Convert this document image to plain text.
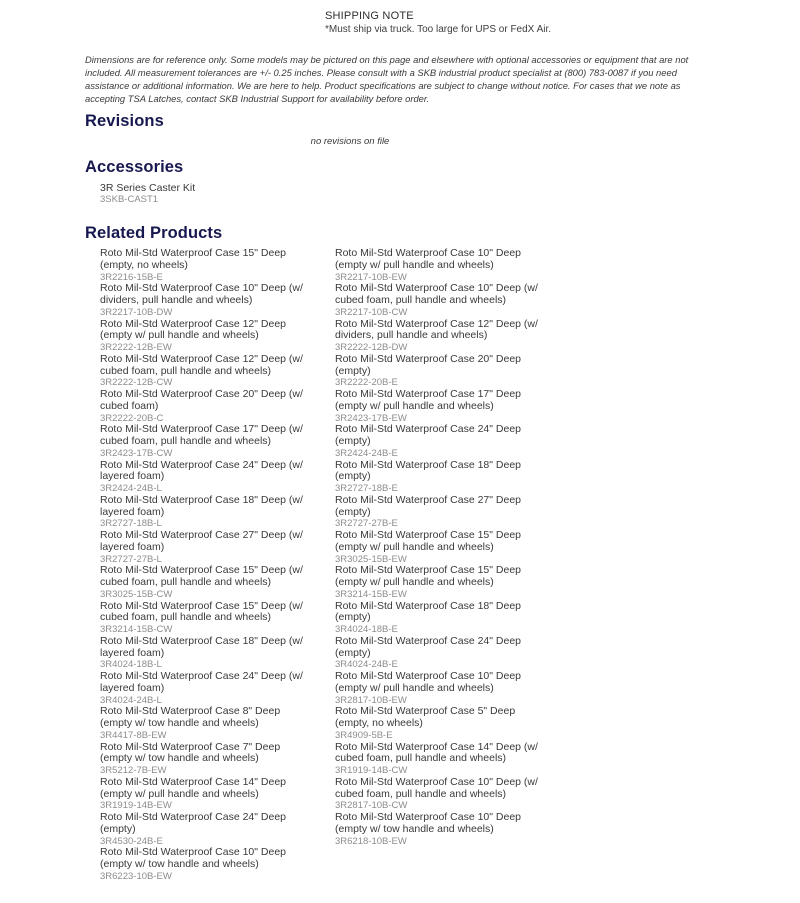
SHIPPING NOTE
*Must ship via truck. Too large for UPS or FedX Air.
Dimensions are for reference only. Some models may be pictured on this page and elsewhere with optional accessories or equipment that are not
included. All measurement tolerances are +/- 0.25 inches. Please consult with a SKB industrial product specialist at (800) 783-0087 if you need
assistance or additional information. We are here to help. Product specifications are subject to change without notice. For cases that we note as
accepting TSA Latches, contact SKB Industrial Support for availability before order.
Revisions
no revisions on file
Accessories
3R Series Caster Kit
3SKB-CAST1
Related Products
Roto Mil-Std Waterproof Case 15" Deep
(empty, no wheels)
3R2216-15B-E
Roto Mil-Std Waterproof Case 10" Deep (w/
dividers, pull handle and wheels)
3R2217-10B-DW
Roto Mil-Std Waterproof Case 12" Deep
(empty w/ pull handle and wheels)
3R2222-12B-EW
Roto Mil-Std Waterproof Case 12" Deep (w/
cubed foam, pull handle and wheels)
3R2222-12B-CW
Roto Mil-Std Waterproof Case 20" Deep (w/
cubed foam)
3R2222-20B-C
Roto Mil-Std Waterproof Case 17" Deep (w/
cubed foam, pull handle and wheels)
3R2423-17B-CW
Roto Mil-Std Waterproof Case 24" Deep (w/
layered foam)
3R2424-24B-L
Roto Mil-Std Waterproof Case 18" Deep (w/
layered foam)
3R2727-18B-L
Roto Mil-Std Waterproof Case 27" Deep (w/
layered foam)
3R2727-27B-L
Roto Mil-Std Waterproof Case 15" Deep (w/
cubed foam, pull handle and wheels)
3R3025-15B-CW
Roto Mil-Std Waterproof Case 15" Deep (w/
cubed foam, pull handle and wheels)
3R3214-15B-CW
Roto Mil-Std Waterproof Case 18" Deep (w/
layered foam)
3R4024-18B-L
Roto Mil-Std Waterproof Case 24" Deep (w/
layered foam)
3R4024-24B-L
Roto Mil-Std Waterproof Case 8" Deep
(empty w/ tow handle and wheels)
3R4417-8B-EW
Roto Mil-Std Waterproof Case 7" Deep
(empty w/ tow handle and wheels)
3R5212-7B-EW
Roto Mil-Std Waterproof Case 14" Deep
(empty w/ pull handle and wheels)
3R1919-14B-EW
Roto Mil-Std Waterproof Case 24" Deep
(empty)
3R4530-24B-E
Roto Mil-Std Waterproof Case 10" Deep
(empty w/ tow handle and wheels)
3R6223-10B-EW
Roto Mil-Std Waterproof Case 10" Deep
(empty w/ pull handle and wheels)
3R2217-10B-EW
Roto Mil-Std Waterproof Case 10" Deep (w/
cubed foam, pull handle and wheels)
3R2217-10B-CW
Roto Mil-Std Waterproof Case 12" Deep (w/
dividers, pull handle and wheels)
3R2222-12B-DW
Roto Mil-Std Waterproof Case 20" Deep
(empty)
3R2222-20B-E
Roto Mil-Std Waterproof Case 17" Deep
(empty w/ pull handle and wheels)
3R2423-17B-EW
Roto Mil-Std Waterproof Case 24" Deep
(empty)
3R2424-24B-E
Roto Mil-Std Waterproof Case 18" Deep
(empty)
3R2727-18B-E
Roto Mil-Std Waterproof Case 27" Deep
(empty)
3R2727-27B-E
Roto Mil-Std Waterproof Case 15" Deep
(empty w/ pull handle and wheels)
3R3025-15B-EW
Roto Mil-Std Waterproof Case 15" Deep
(empty w/ pull handle and wheels)
3R3214-15B-EW
Roto Mil-Std Waterproof Case 18" Deep
(empty)
3R4024-18B-E
Roto Mil-Std Waterproof Case 24" Deep
(empty)
3R4024-24B-E
Roto Mil-Std Waterproof Case 10" Deep
(empty w/ pull handle and wheels)
3R2817-10B-EW
Roto Mil-Std Waterproof Case 5" Deep
(empty, no wheels)
3R4909-5B-E
Roto Mil-Std Waterproof Case 14" Deep (w/
cubed foam, pull handle and wheels)
3R1919-14B-CW
Roto Mil-Std Waterproof Case 10" Deep (w/
cubed foam, pull handle and wheels)
3R2817-10B-CW
Roto Mil-Std Waterproof Case 10" Deep
(empty w/ tow handle and wheels)
3R6218-10B-EW
